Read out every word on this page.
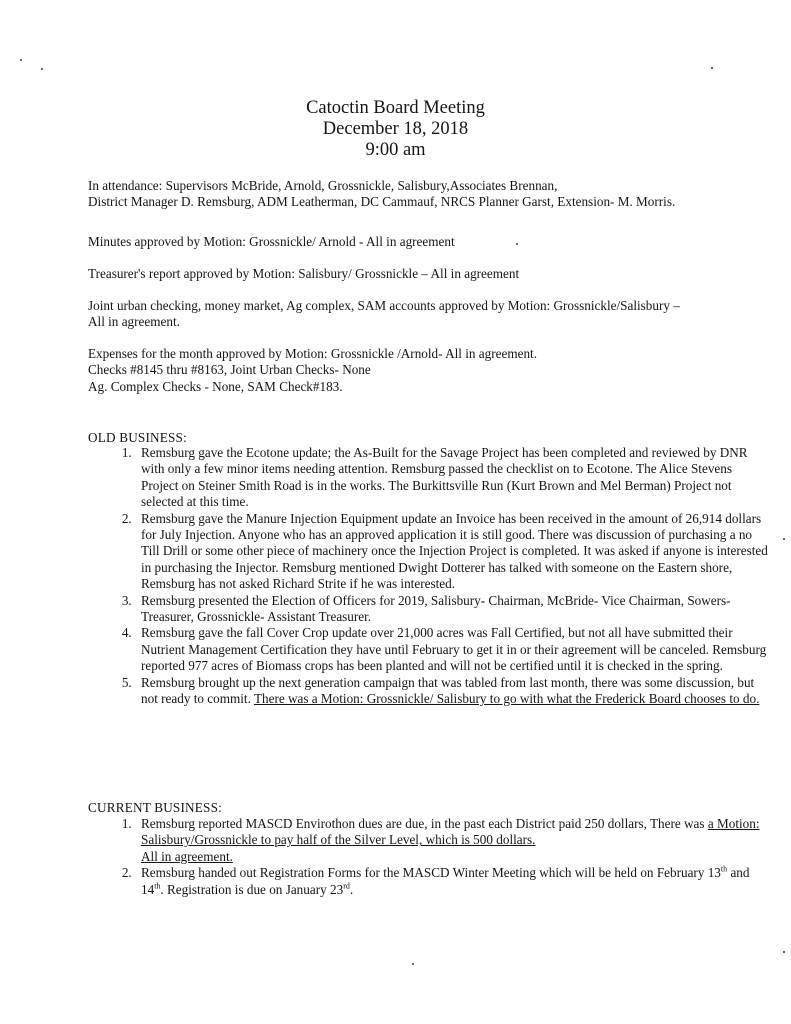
Catoctin Board Meeting
December 18, 2018
9:00 am
In attendance: Supervisors McBride, Arnold, Grossnickle, Salisbury,Associates Brennan,
District Manager D. Remsburg, ADM Leatherman, DC Cammauf, NRCS Planner Garst, Extension- M. Morris.
Minutes approved by Motion: Grossnickle/ Arnold - All in agreement
Treasurer's report approved by Motion: Salisbury/ Grossnickle – All in agreement
Joint urban checking, money market, Ag complex, SAM accounts approved by Motion: Grossnickle/Salisbury –
All in agreement.
Expenses for the month approved by Motion: Grossnickle /Arnold- All in agreement.
Checks #8145 thru #8163, Joint Urban Checks- None
Ag. Complex Checks - None, SAM Check#183.
OLD BUSINESS:
1. Remsburg gave the Ecotone update; the As-Built for the Savage Project has been completed and reviewed by DNR with only a few minor items needing attention. Remsburg passed the checklist on to Ecotone. The Alice Stevens Project on Steiner Smith Road is in the works. The Burkittsville Run (Kurt Brown and Mel Berman) Project not selected at this time.
2. Remsburg gave the Manure Injection Equipment update an Invoice has been received in the amount of 26,914 dollars for July Injection. Anyone who has an approved application it is still good. There was discussion of purchasing a no Till Drill or some other piece of machinery once the Injection Project is completed. It was asked if anyone is interested in purchasing the Injector. Remsburg mentioned Dwight Dotterer has talked with someone on the Eastern shore, Remsburg has not asked Richard Strite if he was interested.
3. Remsburg presented the Election of Officers for 2019, Salisbury- Chairman, McBride- Vice Chairman, Sowers- Treasurer, Grossnickle- Assistant Treasurer.
4. Remsburg gave the fall Cover Crop update over 21,000 acres was Fall Certified, but not all have submitted their Nutrient Management Certification they have until February to get it in or their agreement will be canceled. Remsburg reported 977 acres of Biomass crops has been planted and will not be certified until it is checked in the spring.
5. Remsburg brought up the next generation campaign that was tabled from last month, there was some discussion, but not ready to commit. There was a Motion: Grossnickle/ Salisbury to go with what the Frederick Board chooses to do.
CURRENT BUSINESS:
1. Remsburg reported MASCD Envirothon dues are due, in the past each District paid 250 dollars, There was a Motion: Salisbury/Grossnickle to pay half of the Silver Level, which is 500 dollars.
All in agreement.
2. Remsburg handed out Registration Forms for the MASCD Winter Meeting which will be held on February 13th and 14th. Registration is due on January 23rd.
